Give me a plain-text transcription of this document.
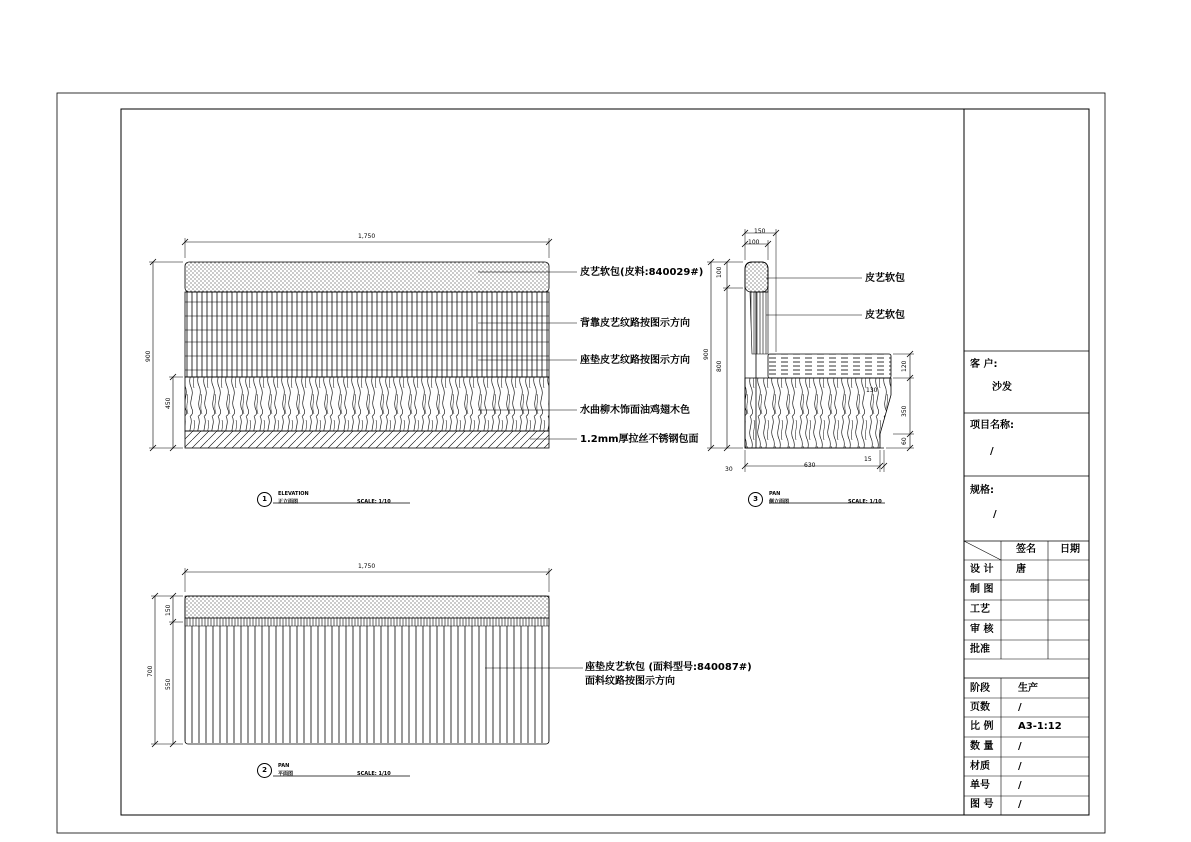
1,750
900
450
皮艺软包(皮料:840029#)
背靠皮艺纹路按图示方向
座垫皮艺纹路按图示方向
水曲柳木饰面油鸡翅木色
1.2mm厚拉丝不锈钢包面
1
ELEVATION
正立面图	SCALE: 1/10
1,750
700
150
550
座垫皮艺软包 (面料型号:840087#)
面料纹路按图示方向
2	PAN
平面图	SCALE: 1/10
150
100
100
800
900
120
130
350
60
15
30
630
皮艺软包
皮艺软包
3
PAN
侧立面图	SCALE: 1/10
客 户:
沙发
项目名称:
/
规格:
/
签名 日期
设 计 唐
制 图
工艺
审 核
批准
阶段	生产
页数	/
比 例 A3-1:12
数 量 /
材质	/
单号	/
图 号 /
